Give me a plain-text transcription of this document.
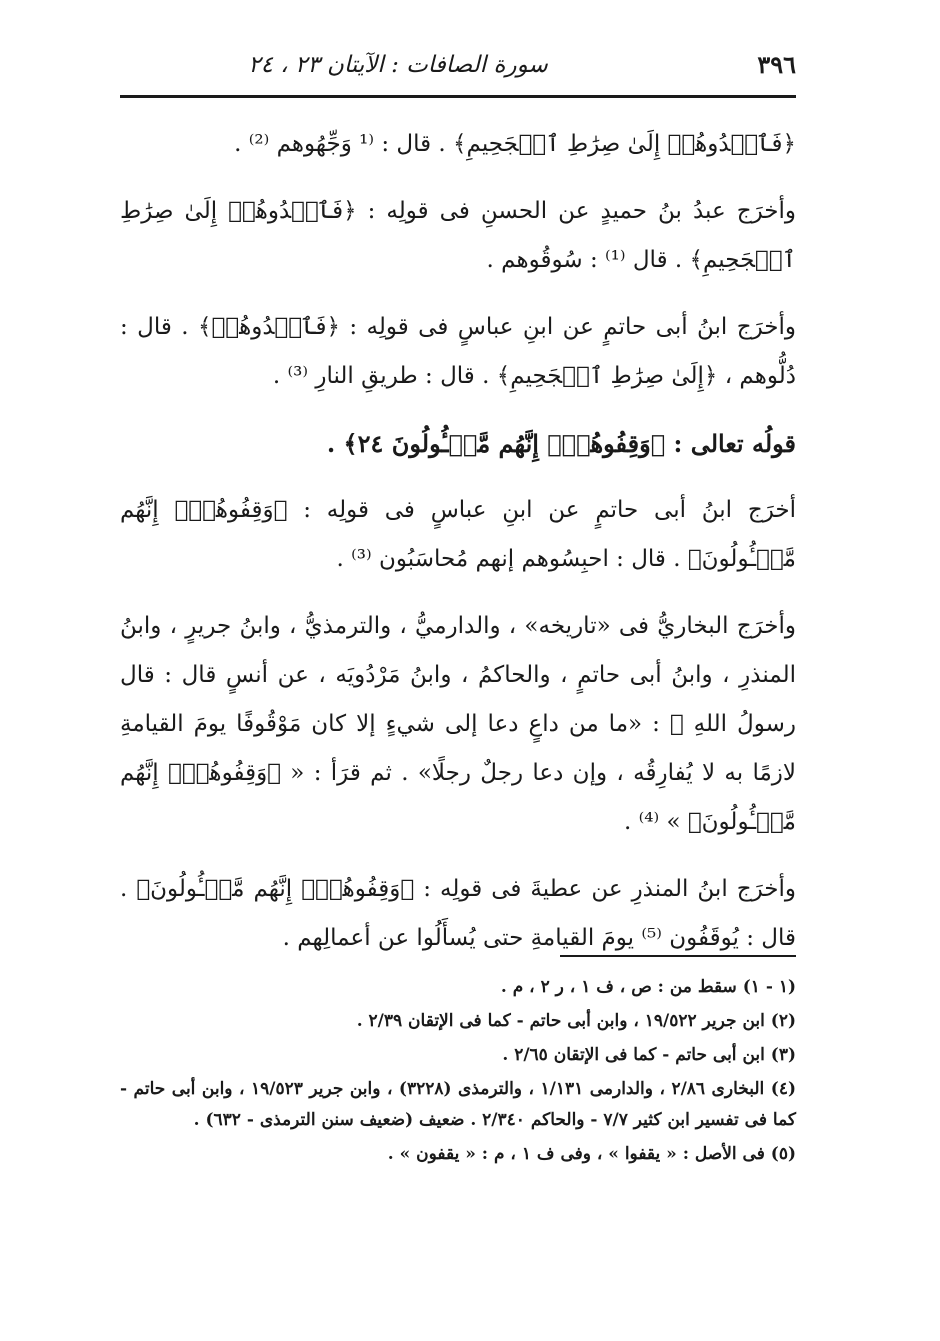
٣٩٦
سورة الصافات : الآيتان ٢٣ ، ٢٤

﴿فَٱهۡدُوهُمۡ إِلَىٰ صِرَٰطِ ٱلۡجَحِيمِ﴾ . قال : ⁽¹ وَجِّهُوهم ⁽²⁾ .

وأخرَج عبدُ بنُ حميدٍ عن الحسنِ فى قولِه : ﴿فَٱهۡدُوهُمۡ إِلَىٰ صِرَٰطِ ٱلۡجَحِيمِ﴾ . قال ⁽¹⁾ : سُوقُوهم .

وأخرَج ابنُ أبى حاتمٍ عن ابنِ عباسٍ فى قولِه : ﴿فَٱهۡدُوهُمۡ﴾ . قال : دُلُّوهم ، ﴿إِلَىٰ صِرَٰطِ ٱلۡجَحِيمِ﴾ . قال : طريقِ النارِ ⁽³⁾ .

قولُه تعالى : ﴿وَقِفُوهُمۡۖ إِنَّهُم مَّسۡـُٔولُونَ ٢٤﴾ .

أخرَج ابنُ أبى حاتمٍ عن ابنِ عباسٍ فى قولِه : ﴿وَقِفُوهُمۡۖ إِنَّهُم مَّسۡـُٔولُونَ﴾ . قال : احبِسُوهم إنهم مُحاسَبُون ⁽³⁾ .

وأخرَج البخاريُّ فى «تاريخه» ، والدارميُّ ، والترمذيُّ ، وابنُ جريرٍ ، وابنُ المنذرِ ، وابنُ أبى حاتمٍ ، والحاكمُ ، وابنُ مَرْدُويَه ، عن أنسٍ قال : قال رسولُ اللهِ ﷺ : «ما من داعٍ دعا إلى شيءٍ إلا كان مَوْقُوفًا يومَ القيامةِ لازمًا به لا يُفارِقُه ، وإن دعا رجلٌ رجلًا» . ثم قرَأ : « ﴿وَقِفُوهُمۡۖ إِنَّهُم مَّسۡـُٔولُونَ﴾ » ⁽⁴⁾ .

وأخرَج ابنُ المنذرِ عن عطيةَ فى قولِه : ﴿وَقِفُوهُمۡۖ إِنَّهُم مَّسۡـُٔولُونَ﴾ . قال : يُوقَفُون ⁽⁵⁾ يومَ القيامةِ حتى يُسأَلُوا عن أعمالِهم .

(١ - ١) سقط من : ص ، ف ١ ، ر ٢ ، م .

(٢) ابن جرير ١٩/٥٢٢ ، وابن أبى حاتم - كما فى الإتقان ٢/٣٩ .

(٣) ابن أبى حاتم - كما فى الإتقان ٢/٦٥ .

(٤) البخارى ٢/٨٦ ، والدارمى ١/١٣١ ، والترمذى (٣٢٢٨) ، وابن جرير ١٩/٥٢٣ ، وابن أبى حاتم - كما فى تفسير ابن كثير ٧/٧ - والحاكم ٢/٣٤٠ . ضعيف (ضعيف سنن الترمذى - ٦٣٢) .

(٥) فى الأصل : « يقفوا » ، وفى ف ١ ، م : « يقفون » .
